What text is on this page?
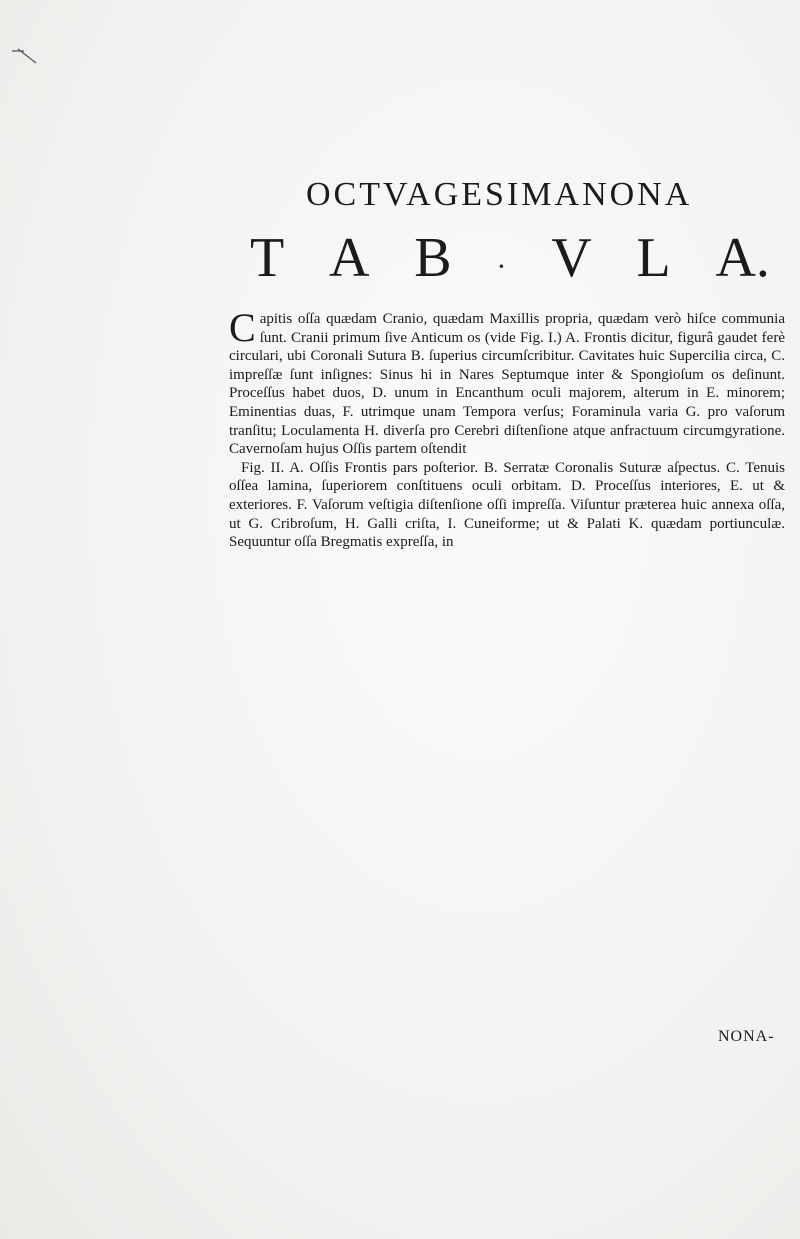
OCTVAGESIMANONA
T A B · V L A.

C apitis oſſa quædam Cranio, quædam Maxillis propria, quædam verò hiſce communia ſunt. Cranii primum ſive Anticum os (vide Fig. I.) A. Frontis dicitur, figurâ gaudet ferè circulari, ubi Coronali Sutura B. ſuperius circumſcribitur. Cavitates huic Supercilia circa, C. impreſſæ ſunt inſignes: Sinus hi in Nares Septumque inter & Spongioſum os deſinunt. Proceſſus habet duos, D. unum in Encanthum oculi majorem, alterum in E. minorem; Eminentias duas, F. utrimque unam Tempora verſus; Foraminula varia G. pro vaſorum tranſitu; Loculamenta H. diverſa pro Cerebri diſtenſione atque anfractuum circumgyratione. Cavernoſam hujus Oſſis partem oſtendit

Fig. II. A. Oſſis Frontis pars poſterior. B. Serratæ Coronalis Suturæ aſpectus. C. Tenuis oſſea lamina, ſuperiorem conſtituens oculi orbitam. D. Proceſſus interiores, E. ut & exteriores. F. Vaſorum veſtigia diſtenſione oſſi impreſſa. Viſuntur præterea huic annexa oſſa, ut G. Cribroſum, H. Galli criſta, I. Cuneiforme; ut & Palati K. quædam portiunculæ. Sequuntur oſſa Bregmatis expreſſa, in

NONA-
